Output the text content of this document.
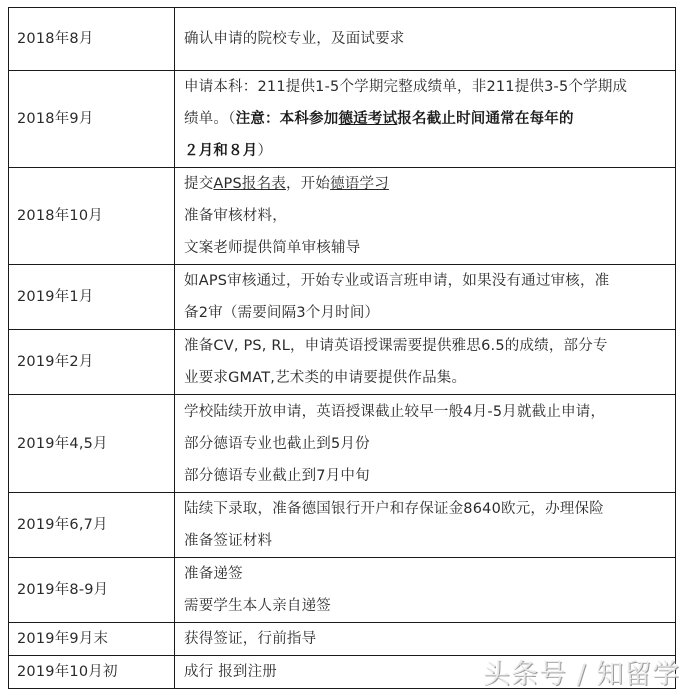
2018年8月	确认申请的院校专业，及面试要求

2018年9月	申请本科：211提供1-5个学期完整成绩单，非211提供3-5个学期成
绩单。（注意：本科参加德适考试报名截止时间通常在每年的
２月和８月）

2018年10月	提交APS报名表，开始德语学习
准备审核材料，
文案老师提供简单审核辅导

2019年1月	如APS审核通过，开始专业或语言班申请，如果没有通过审核，准
备2审（需要间隔3个月时间）

2019年2月	准备CV, PS, RL，申请英语授课需要提供雅思6.5的成绩，部分专
业要求GMAT,艺术类的申请要提供作品集。

2019年4,5月	学校陆续开放申请，英语授课截止较早一般4月-5月就截止申请，
部分德语专业也截止到5月份
部分德语专业截止到7月中旬

2019年6,7月	陆续下录取，准备德国银行开户和存保证金8640欧元，办理保险
准备签证材料

2019年8-9月	准备递签
需要学生本人亲自递签

2019年9月末	获得签证，行前指导

2019年10月初	成行 报到注册	头条号 / 知留学
